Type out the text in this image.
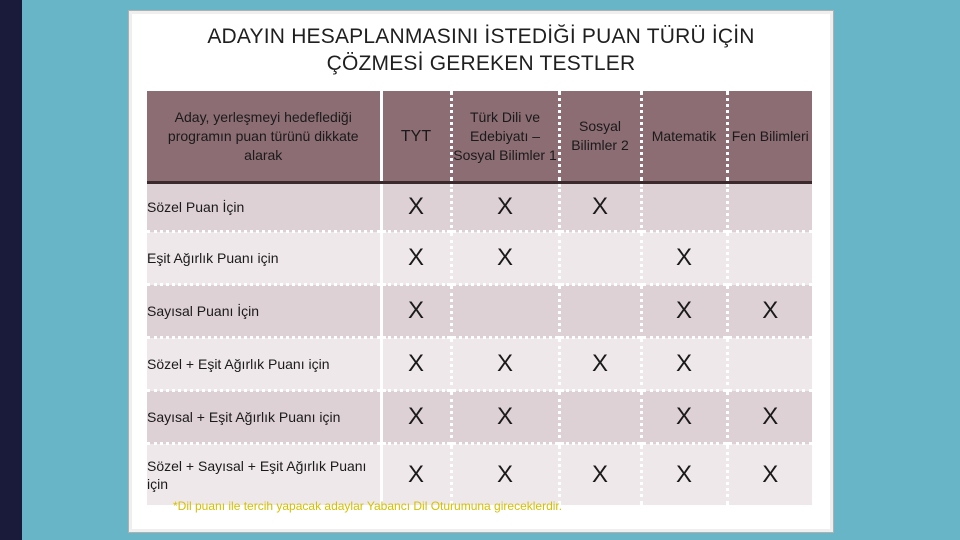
ADAYIN HESAPLANMASINI İSTEDİĞİ PUAN TÜRÜ İÇİN
ÇÖZMESİ GEREKEN TESTLER
Aday, yerleşmeyi hedeflediği programın puan türünü dikkate alarak	TYT	Türk Dili ve Edebiyatı – Sosyal Bilimler 1	Sosyal Bilimler 2	Matematik	Fen Bilimleri
Sözel Puan İçin	X	X	X		
Eşit Ağırlık Puanı için	X	X		X	
Sayısal Puanı İçin	X			X	X
Sözel + Eşit Ağırlık Puanı için	X	X	X	X	
Sayısal + Eşit Ağırlık Puanı için	X	X		X	X
Sözel + Sayısal + Eşit Ağırlık Puanı için	X	X	X	X	X
*Dil puanı ile tercih yapacak adaylar Yabancı Dil Oturumuna gireceklerdir.
